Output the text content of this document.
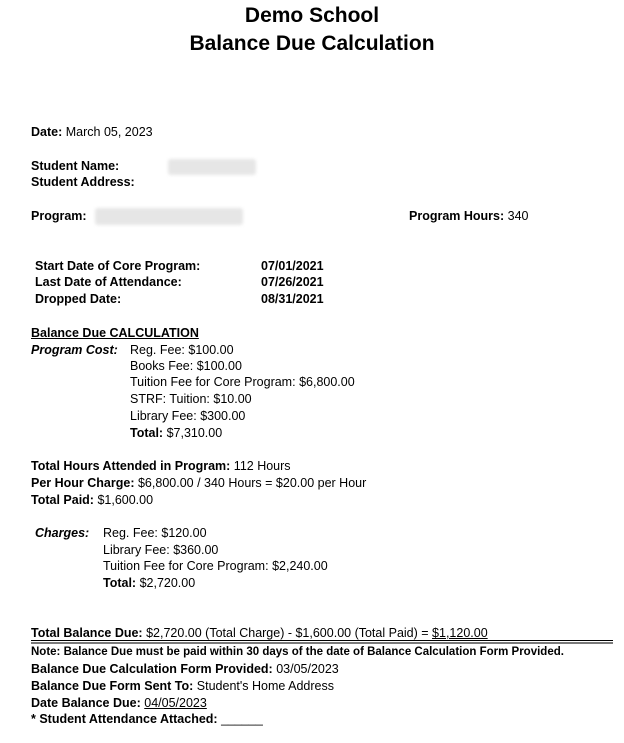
Demo School
Balance Due Calculation
Date: March 05, 2023
Student Name:
Student Address:
Program:	Program Hours: 340
Start Date of Core Program:	07/01/2021
Last Date of Attendance:	07/26/2021
Dropped Date:	08/31/2021
Balance Due CALCULATION
Program Cost: Reg. Fee: $100.00
Books Fee: $100.00
Tuition Fee for Core Program: $6,800.00
STRF: Tuition: $10.00
Library Fee: $300.00
Total: $7,310.00
Total Hours Attended in Program: 112 Hours
Per Hour Charge: $6,800.00 / 340 Hours = $20.00 per Hour
Total Paid: $1,600.00
Charges: Reg. Fee: $120.00
Library Fee: $360.00
Tuition Fee for Core Program: $2,240.00
Total: $2,720.00
Total Balance Due: $2,720.00 (Total Charge) - $1,600.00 (Total Paid) = $1,120.00
Note: Balance Due must be paid within 30 days of the date of Balance Calculation Form Provided.
Balance Due Calculation Form Provided: 03/05/2023
Balance Due Form Sent To: Student's Home Address
Date Balance Due: 04/05/2023
* Student Attendance Attached: ______
